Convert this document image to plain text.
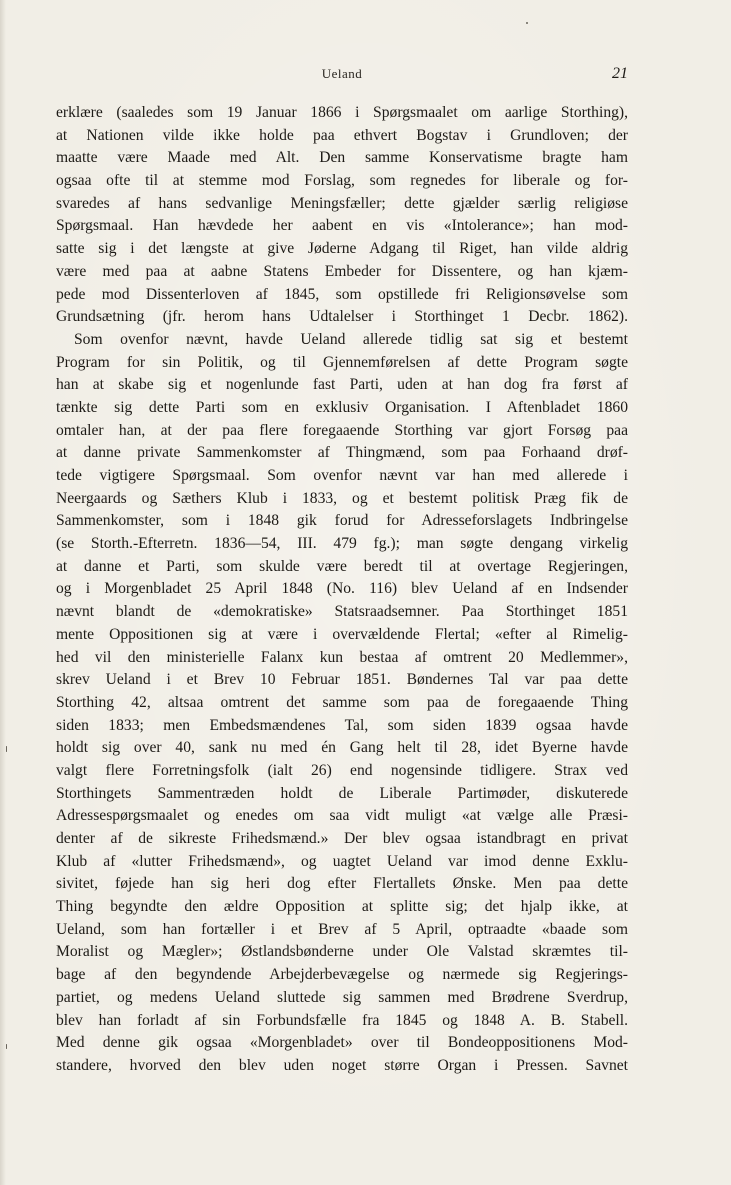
Ueland	21
erklære (saaledes som 19 Januar 1866 i Spørgsmaalet om aarlige Storthing),
at Nationen vilde ikke holde paa ethvert Bogstav i Grundloven; der
maatte være Maade med Alt. Den samme Konservatisme bragte ham
ogsaa ofte til at stemme mod Forslag, som regnedes for liberale og for-
svaredes af hans sedvanlige Meningsfæller; dette gjælder særlig religiøse
Spørgsmaal. Han hævdede her aabent en vis «Intolerance»; han mod-
satte sig i det længste at give Jøderne Adgang til Riget, han vilde aldrig
være med paa at aabne Statens Embeder for Dissentere, og han kjæm-
pede mod Dissenterloven af 1845, som opstillede fri Religionsøvelse som
Grundsætning (jfr. herom hans Udtalelser i Storthinget 1 Decbr. 1862).
Som ovenfor nævnt, havde Ueland allerede tidlig sat sig et bestemt
Program for sin Politik, og til Gjennemførelsen af dette Program søgte
han at skabe sig et nogenlunde fast Parti, uden at han dog fra først af
tænkte sig dette Parti som en exklusiv Organisation. I Aftenbladet 1860
omtaler han, at der paa flere foregaaende Storthing var gjort Forsøg paa
at danne private Sammenkomster af Thingmænd, som paa Forhaand drøf-
tede vigtigere Spørgsmaal. Som ovenfor nævnt var han med allerede i
Neergaards og Sæthers Klub i 1833, og et bestemt politisk Præg fik de
Sammenkomster, som i 1848 gik forud for Adresseforslagets Indbringelse
(se Storth.-Efterretn. 1836—54, III. 479 fg.); man søgte dengang virkelig
at danne et Parti, som skulde være beredt til at overtage Regjeringen,
og i Morgenbladet 25 April 1848 (No. 116) blev Ueland af en Indsender
nævnt blandt de «demokratiske» Statsraadsemner. Paa Storthinget 1851
mente Oppositionen sig at være i overvældende Flertal; «efter al Rimelig-
hed vil den ministerielle Falanx kun bestaa af omtrent 20 Medlemmer»,
skrev Ueland i et Brev 10 Februar 1851. Bøndernes Tal var paa dette
Storthing 42, altsaa omtrent det samme som paa de foregaaende Thing
siden 1833; men Embedsmændenes Tal, som siden 1839 ogsaa havde
holdt sig over 40, sank nu med én Gang helt til 28, idet Byerne havde
valgt flere Forretningsfolk (ialt 26) end nogensinde tidligere. Strax ved
Storthingets Sammentræden holdt de Liberale Partimøder, diskuterede
Adressespørgsmaalet og enedes om saa vidt muligt «at vælge alle Præsi-
denter af de sikreste Frihedsmænd.» Der blev ogsaa istandbragt en privat
Klub af «lutter Frihedsmænd», og uagtet Ueland var imod denne Exklu-
sivitet, føjede han sig heri dog efter Flertallets Ønske. Men paa dette
Thing begyndte den ældre Opposition at splitte sig; det hjalp ikke, at
Ueland, som han fortæller i et Brev af 5 April, optraadte «baade som
Moralist og Mægler»; Østlandsbønderne under Ole Valstad skræmtes til-
bage af den begyndende Arbejderbevægelse og nærmede sig Regjerings-
partiet, og medens Ueland sluttede sig sammen med Brødrene Sverdrup,
blev han forladt af sin Forbundsfælle fra 1845 og 1848 A. B. Stabell.
Med denne gik ogsaa «Morgenbladet» over til Bondeoppositionens Mod-
standere, hvorved den blev uden noget større Organ i Pressen. Savnet
